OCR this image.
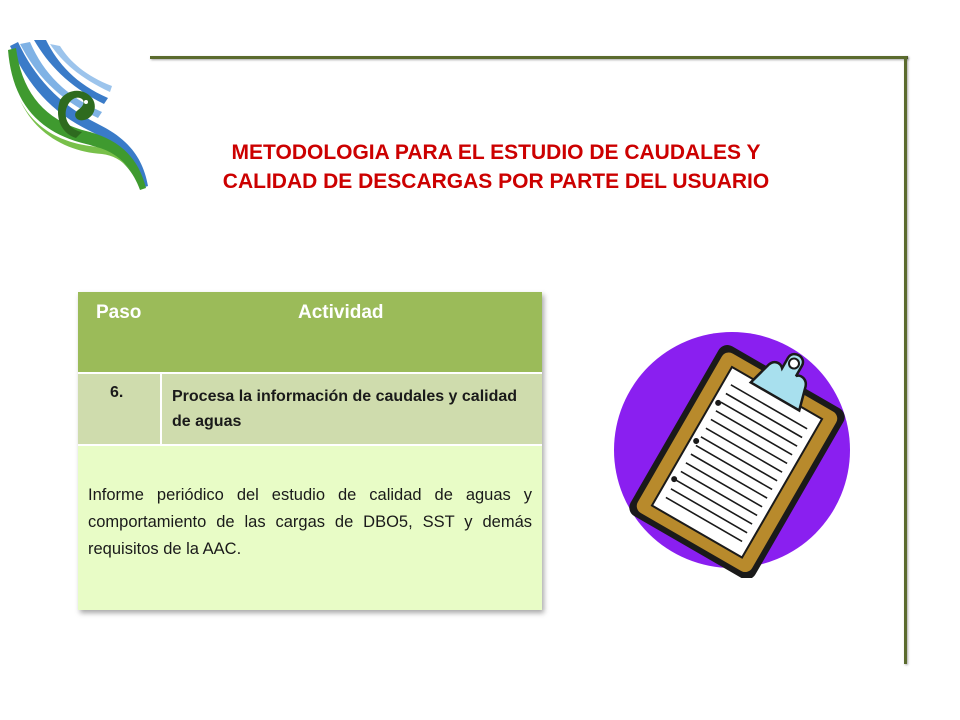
CRA	METODOLOGIA PARA EL ESTUDIO DE CAUDALES Y
CALIDAD DE DESCARGAS POR PARTE DEL USUARIO
Paso	Actividad
6.	Procesa la información de caudales y calidad de aguas
Informe periódico del estudio de calidad de aguas y comportamiento de las cargas de DBO5, SST y demás requisitos de la AAC.
